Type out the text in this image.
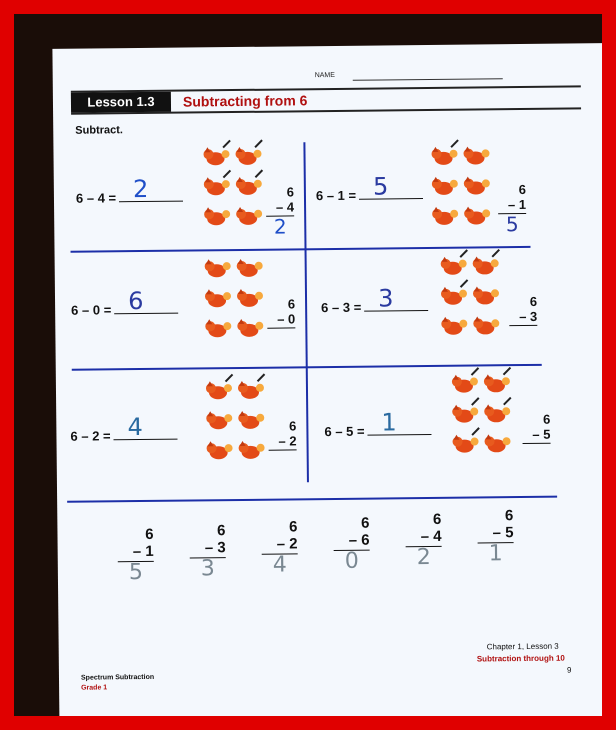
NAME
Lesson 1.3	Subtracting from 6
Subtract.
6 – 4 = 2	6
– 4
2
6 – 1 = 5	6
– 1
5
6 – 0 = 6	6
– 0
6 – 3 = 3	6
– 3
6 – 2 = 4	6
– 2
6 – 5 = 1	6
– 5
6
– 1
5
6
– 3
3
6
– 2
4
6
– 6
0
6
– 4
2
6
– 5
1
Spectrum Subtraction
Grade 1
Chapter 1, Lesson 3
Subtraction through 10
9
